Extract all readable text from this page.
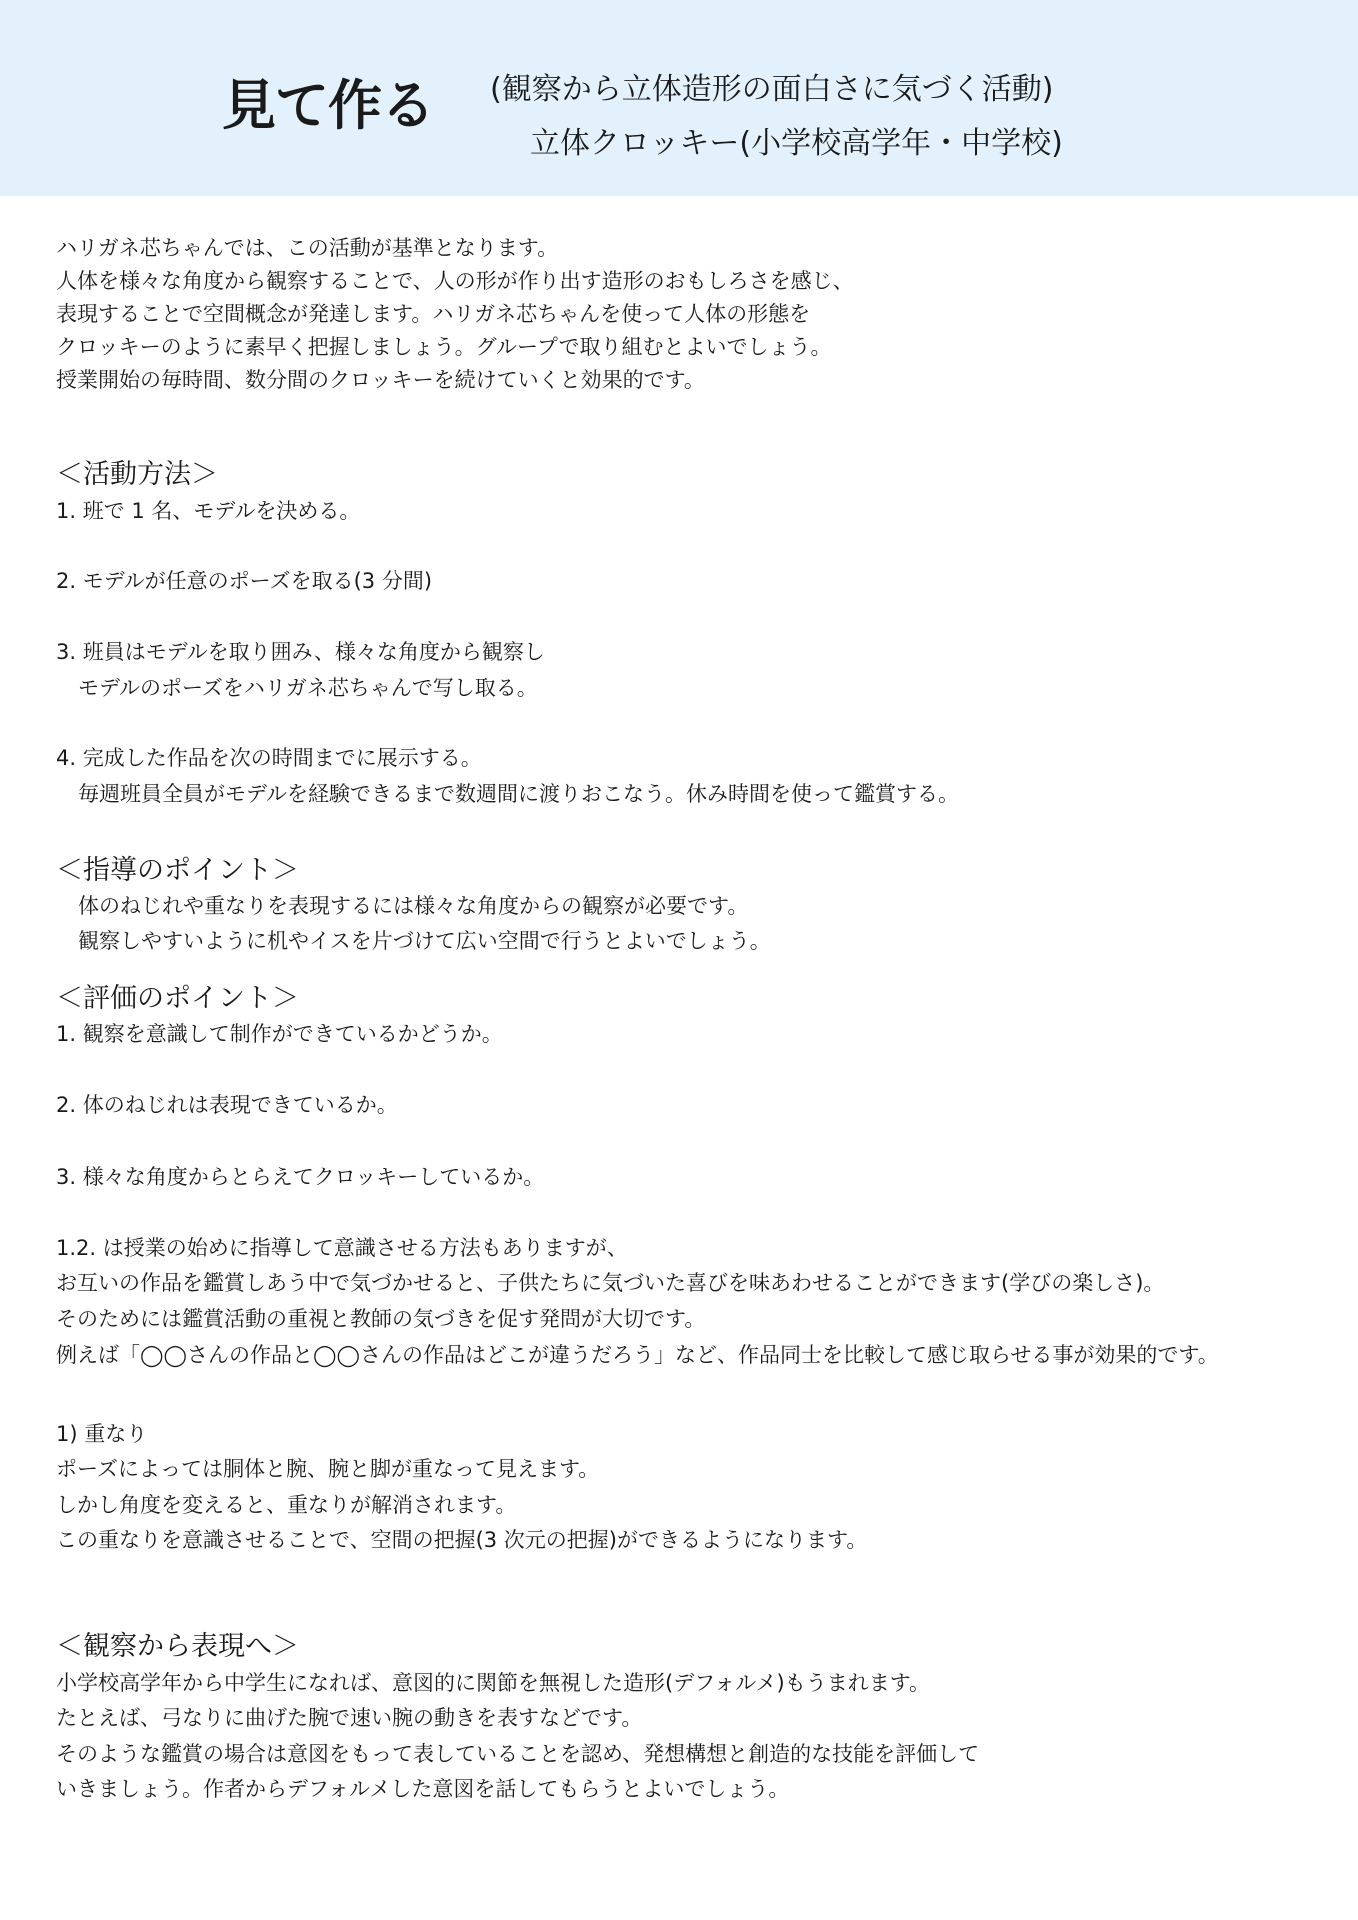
見て作る (観察から立体造形の面白さに気づく活動)

立体クロッキー(小学校高学年・中学校)

ハリガネ芯ちゃんでは、この活動が基準となります。
人体を様々な角度から観察することで、人の形が作り出す造形のおもしろさを感じ、
表現することで空間概念が発達します。ハリガネ芯ちゃんを使って人体の形態を
クロッキーのように素早く把握しましょう。グループで取り組むとよいでしょう。
授業開始の毎時間、数分間のクロッキーを続けていくと効果的です。
＜活動方法＞
1. 班で 1 名、モデルを決める。
2. モデルが任意のポーズを取る(3 分間)
3. 班員はモデルを取り囲み、様々な角度から観察し
モデルのポーズをハリガネ芯ちゃんで写し取る。
4. 完成した作品を次の時間までに展示する。
毎週班員全員がモデルを経験できるまで数週間に渡りおこなう。休み時間を使って鑑賞する。
＜指導のポイント＞
体のねじれや重なりを表現するには様々な角度からの観察が必要です。
観察しやすいように机やイスを片づけて広い空間で行うとよいでしょう。
＜評価のポイント＞
1. 観察を意識して制作ができているかどうか。
2. 体のねじれは表現できているか。
3. 様々な角度からとらえてクロッキーしているか。
1.2. は授業の始めに指導して意識させる方法もありますが、
お互いの作品を鑑賞しあう中で気づかせると、子供たちに気づいた喜びを味あわせることができます(学びの楽しさ)。
そのためには鑑賞活動の重視と教師の気づきを促す発問が大切です。
例えば「◯◯さんの作品と◯◯さんの作品はどこが違うだろう」など、作品同士を比較して感じ取らせる事が効果的です。
1) 重なり
ポーズによっては胴体と腕、腕と脚が重なって見えます。
しかし角度を変えると、重なりが解消されます。
この重なりを意識させることで、空間の把握(3 次元の把握)ができるようになります。
＜観察から表現へ＞
小学校高学年から中学生になれば、意図的に関節を無視した造形(デフォルメ)もうまれます。
たとえば、弓なりに曲げた腕で速い腕の動きを表すなどです。
そのような鑑賞の場合は意図をもって表していることを認め、発想構想と創造的な技能を評価して
いきましょう。作者からデフォルメした意図を話してもらうとよいでしょう。
